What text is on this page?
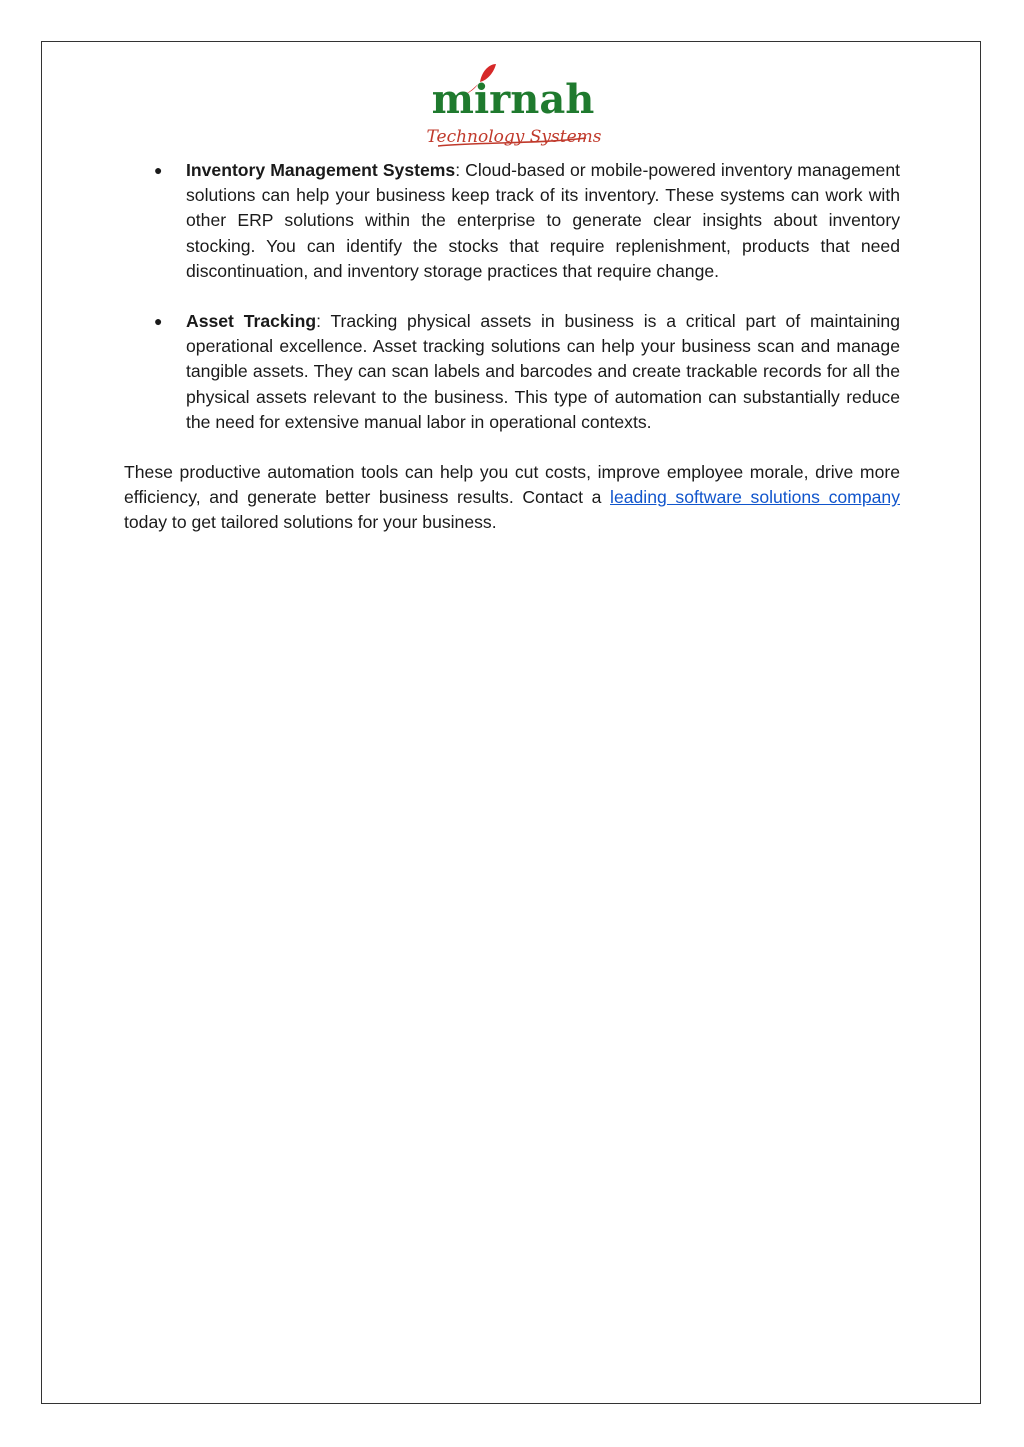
mirnah
Technology Systems
● Inventory Management Systems: Cloud-based or mobile-powered inventory management solutions can help your business keep track of its inventory. These systems can work with other ERP solutions within the enterprise to generate clear insights about inventory stocking. You can identify the stocks that require replenishment, products that need discontinuation, and inventory storage practices that require change.
● Asset Tracking: Tracking physical assets in business is a critical part of maintaining operational excellence. Asset tracking solutions can help your business scan and manage tangible assets. They can scan labels and barcodes and create trackable records for all the physical assets relevant to the business. This type of automation can substantially reduce the need for extensive manual labor in operational contexts.

These productive automation tools can help you cut costs, improve employee morale, drive more efficiency, and generate better business results. Contact a leading software solutions company today to get tailored solutions for your business.
